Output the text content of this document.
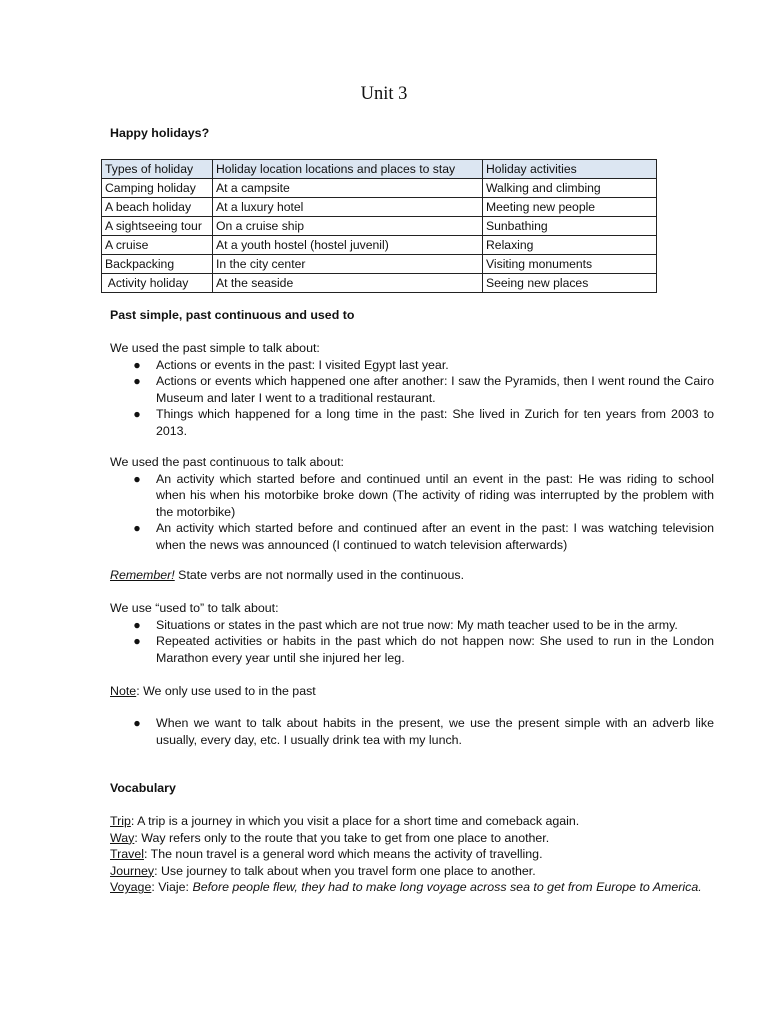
Unit 3
Happy holidays?
Types of holiday	Holiday location locations and places to stay	Holiday activities
Camping holiday	At a campsite	Walking and climbing
A beach holiday	At a luxury hotel	Meeting new people
A sightseeing tour	On a cruise ship	Sunbathing
A cruise	At a youth hostel (hostel juvenil)	Relaxing
Backpacking	In the city center	Visiting monuments
Activity holiday	At the seaside	Seeing new places
Past simple, past continuous and used to

We used the past simple to talk about:

● Actions or events in the past: I visited Egypt last year.
● Actions or events which happened one after another: I saw the Pyramids, then I went round the Cairo Museum and later I went to a traditional restaurant.
● Things which happened for a long time in the past: She lived in Zurich for ten years from 2003 to 2013.

We used the past continuous to talk about:

● An activity which started before and continued until an event in the past: He was riding to school when his when his motorbike broke down (The activity of riding was interrupted by the problem with the motorbike)
● An activity which started before and continued after an event in the past: I was watching television when the news was announced (I continued to watch television afterwards)

Remember! State verbs are not normally used in the continuous.

We use “used to” to talk about:

● Situations or states in the past which are not true now: My math teacher used to be in the army.
● Repeated activities or habits in the past which do not happen now: She used to run in the London Marathon every year until she injured her leg.

Note: We only use used to in the past

● When we want to talk about habits in the present, we use the present simple with an adverb like usually, every day, etc. I usually drink tea with my lunch.
Vocabulary

Trip: A trip is a journey in which you visit a place for a short time and comeback again.

Way: Way refers only to the route that you take to get from one place to another.

Travel: The noun travel is a general word which means the activity of travelling.

Journey: Use journey to talk about when you travel form one place to another.

Voyage: Viaje: Before people flew, they had to make long voyage across sea to get from Europe to America.
